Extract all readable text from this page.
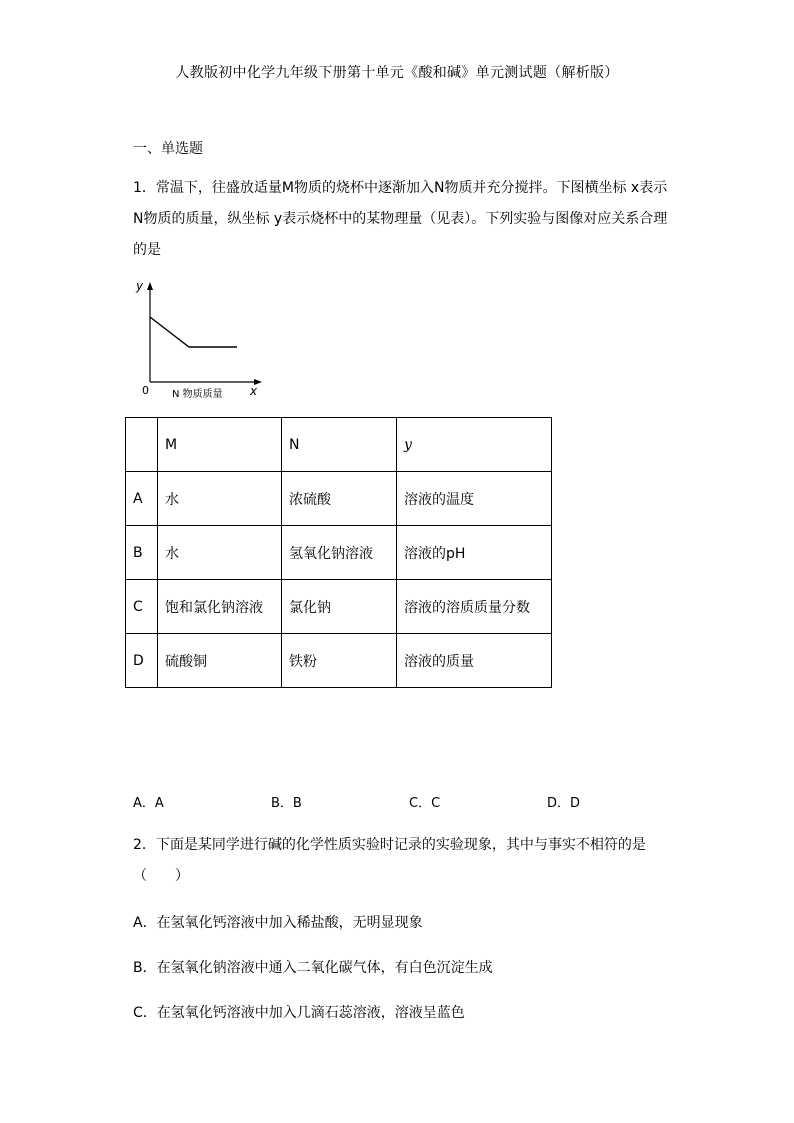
人教版初中化学九年级下册第十单元《酸和碱》单元测试题（解析版）
一、单选题
1．常温下，往盛放适量M物质的烧杯中逐渐加入N物质并充分搅拌。下图横坐标 x表示N物质的质量，纵坐标 y表示烧杯中的某物理量（见表）。下列实验与图像对应关系合理的是
y
0 N 物质质量 x
	M	N	y
A	水	浓硫酸	溶液的温度
B	水	氢氧化钠溶液	溶液的pH
C	饱和氯化钠溶液	氯化钠	溶液的溶质质量分数
D	硫酸铜	铁粉	溶液的质量
A．A	B．B	C．C	D．D
2．下面是某同学进行碱的化学性质实验时记录的实验现象，其中与事实不相符的是（　　）
A．在氢氧化钙溶液中加入稀盐酸，无明显现象
B．在氢氧化钠溶液中通入二氧化碳气体，有白色沉淀生成
C．在氢氧化钙溶液中加入几滴石蕊溶液，溶液呈蓝色
